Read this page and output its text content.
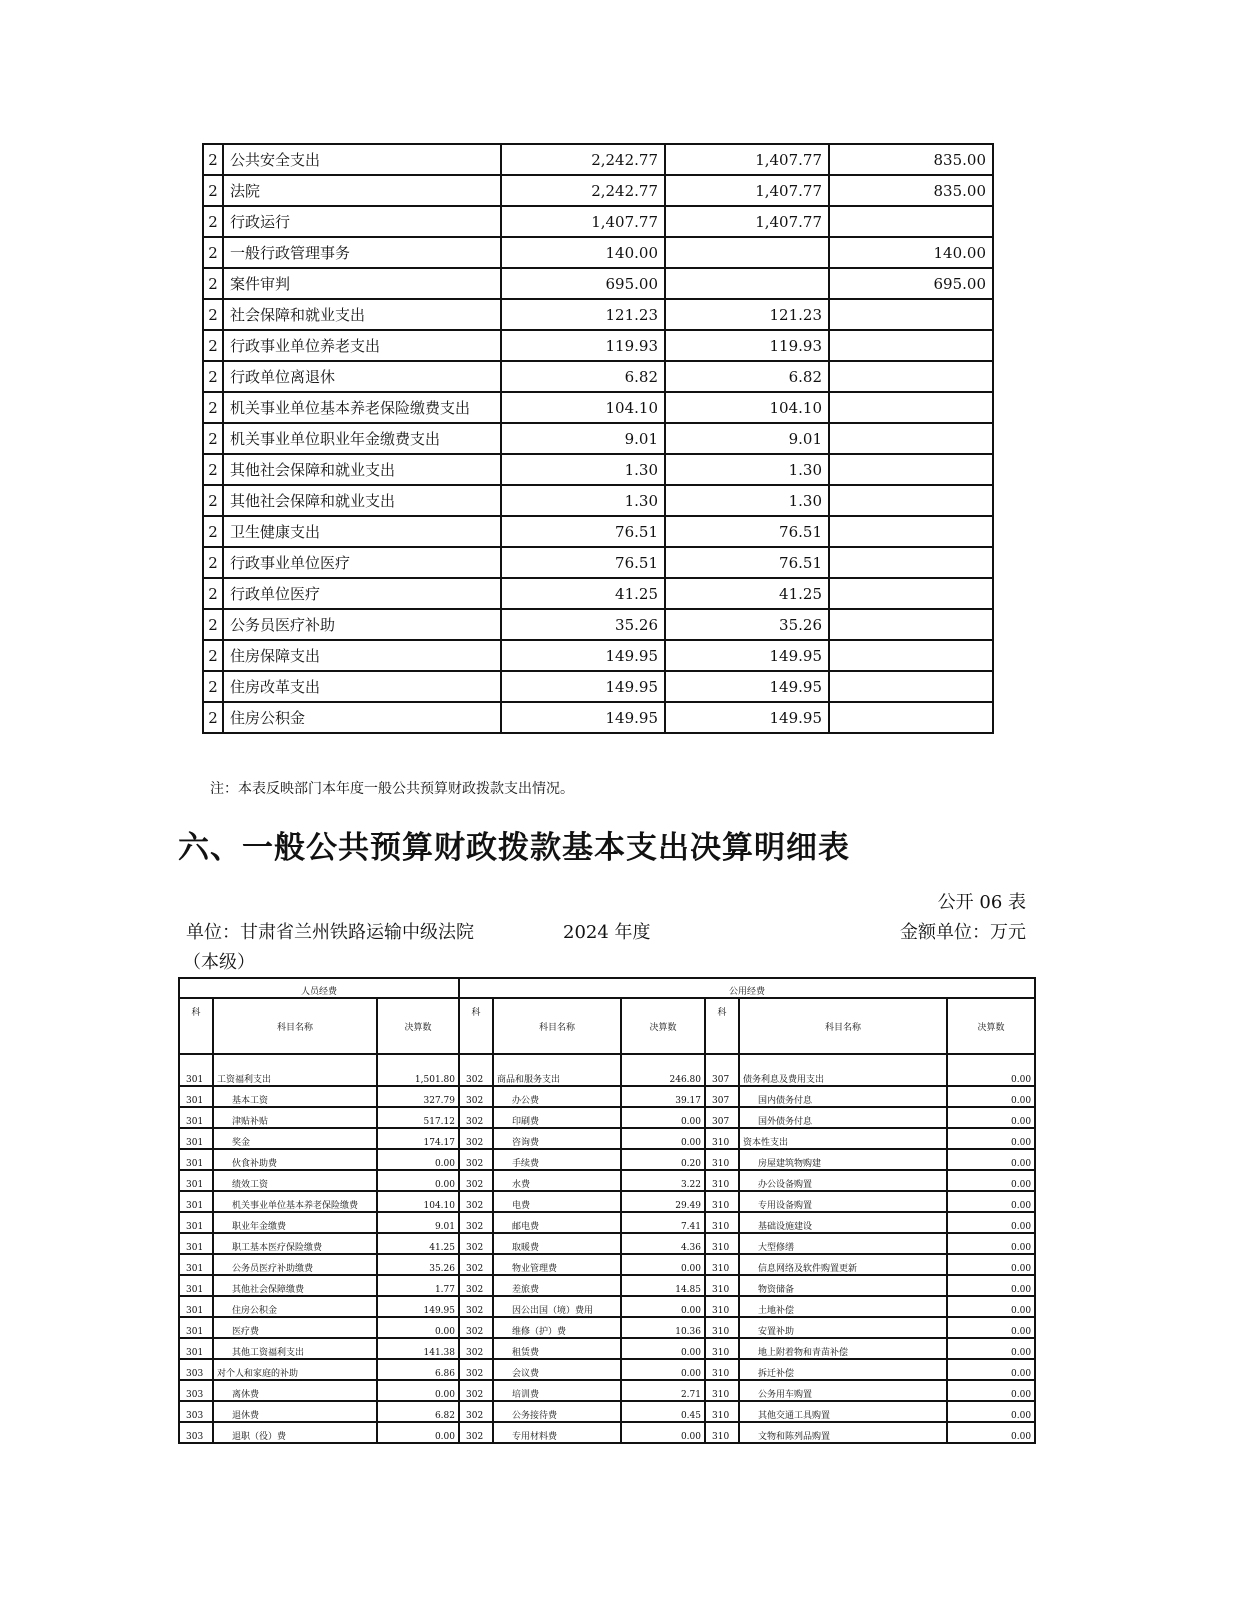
2	公共安全支出	2,242.77	1,407.77	835.00
2	法院	2,242.77	1,407.77	835.00
2	行政运行	1,407.77	1,407.77	
2	一般行政管理事务	140.00		140.00
2	案件审判	695.00		695.00
2	社会保障和就业支出	121.23	121.23	
2	行政事业单位养老支出	119.93	119.93	
2	行政单位离退休	6.82	6.82	
2	机关事业单位基本养老保险缴费支出	104.10	104.10	
2	机关事业单位职业年金缴费支出	9.01	9.01	
2	其他社会保障和就业支出	1.30	1.30	
2	其他社会保障和就业支出	1.30	1.30	
2	卫生健康支出	76.51	76.51	
2	行政事业单位医疗	76.51	76.51	
2	行政单位医疗	41.25	41.25	
2	公务员医疗补助	35.26	35.26	
2	住房保障支出	149.95	149.95	
2	住房改革支出	149.95	149.95	
2	住房公积金	149.95	149.95	
注：本表反映部门本年度一般公共预算财政拨款支出情况。
六、一般公共预算财政拨款基本支出决算明细表
公开 06 表
单位：甘肃省兰州铁路运输中级法院	2024 年度	金额单位：万元
（本级）
人员经费			公用经费					
科	科目名称	决算数	科	科目名称	决算数	科	科目名称	决算数
301	工资福利支出	1,501.80	302	商品和服务支出	246.80	307	债务利息及费用支出	0.00
301	基本工资	327.79	302	办公费	39.17	307	国内债务付息	0.00
301	津贴补贴	517.12	302	印刷费	0.00	307	国外债务付息	0.00
301	奖金	174.17	302	咨询费	0.00	310	资本性支出	0.00
301	伙食补助费	0.00	302	手续费	0.20	310	房屋建筑物购建	0.00
301	绩效工资	0.00	302	水费	3.22	310	办公设备购置	0.00
301	机关事业单位基本养老保险缴费	104.10	302	电费	29.49	310	专用设备购置	0.00
301	职业年金缴费	9.01	302	邮电费	7.41	310	基础设施建设	0.00
301	职工基本医疗保险缴费	41.25	302	取暖费	4.36	310	大型修缮	0.00
301	公务员医疗补助缴费	35.26	302	物业管理费	0.00	310	信息网络及软件购置更新	0.00
301	其他社会保障缴费	1.77	302	差旅费	14.85	310	物资储备	0.00
301	住房公积金	149.95	302	因公出国（境）费用	0.00	310	土地补偿	0.00
301	医疗费	0.00	302	维修（护）费	10.36	310	安置补助	0.00
301	其他工资福利支出	141.38	302	租赁费	0.00	310	地上附着物和青苗补偿	0.00
303	对个人和家庭的补助	6.86	302	会议费	0.00	310	拆迁补偿	0.00
303	离休费	0.00	302	培训费	2.71	310	公务用车购置	0.00
303	退休费	6.82	302	公务接待费	0.45	310	其他交通工具购置	0.00
303	退职（役）费	0.00	302	专用材料费	0.00	310	文物和陈列品购置	0.00
